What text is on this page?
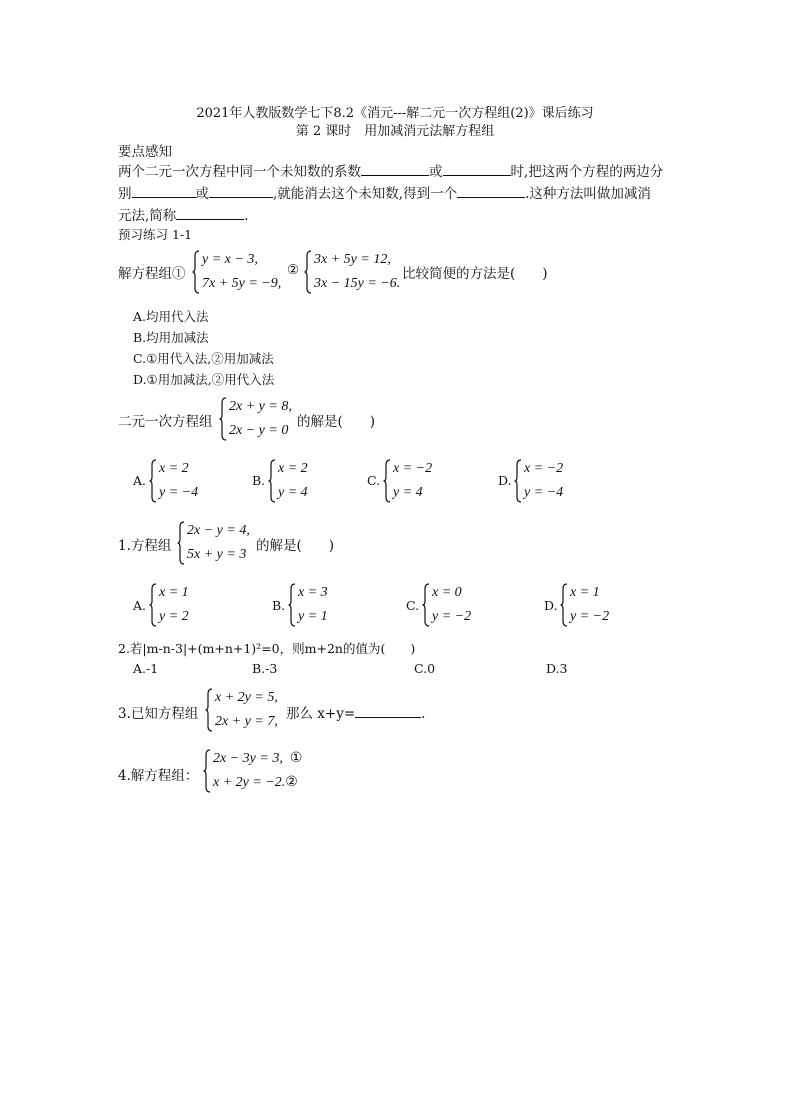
2021年人教版数学七下8.2《消元---解二元一次方程组(2)》课后练习
第 2 课时　用加减消元法解方程组
要点感知
两个二元一次方程中同一个未知数的系数	或	时,把这两个方程的两边分
别	或	,就能消去这个未知数,得到一个	.这种方法叫做加减消
元法,简称	.
预习练习 1-1
解方程组①
y = x − 3,
7x + 5y = −9,
②
3x + 5y = 12,
3x − 15y = −6.
比较简便的方法是(　　)
A.均用代入法
B.均用加减法
C.①用代入法,②用加减法
D.①用加减法,②用代入法
二元一次方程组
2x + y = 8,
2x − y = 0
的解是(　　)
A.
x = 2
y = −4
B.
x = 2
y = 4
C.
x = −2
y = 4
D.
x = −2
y = −4
1.方程组
2x − y = 4,
5x + y = 3
的解是(　　)
A.
x = 1
y = 2
B.
x = 3
y = 1
C.
x = 0
y = −2
D.
x = 1
y = −2
2.若|m-n-3|+(m+n+1)²=0，则m+2n的值为(　　)
A.-1	B.-3	C.0	D.3
3.已知方程组
x + 2y = 5,
2x + y = 7, 那么 x+y=	.
4.解方程组：
2x − 3y = 3, ①
x + 2y = −2.②
